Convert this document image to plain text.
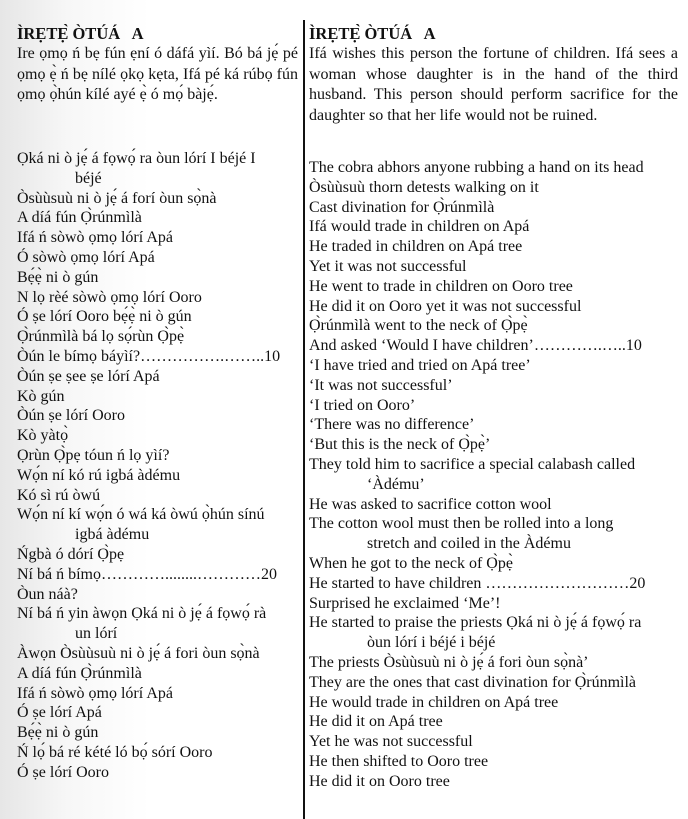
ÌRẸTẸ̀ ÒTÚÁ   A
Ire ọmọ ń bẹ fún ẹní ó dáfá yìí. Bó bá jẹ́ pé ọmọ ẹ̀ ń bẹ nílé ọkọ kẹta, Ifá pé ká rúbọ fún ọmọ ọ̀hún kílé ayé ẹ̀ ó mọ́ bàjẹ́.
Ọká ni ò jẹ́ á fọwọ́ ra òun lórí I béjé I
béjé
Òsùùsuù ni ò jẹ́ á forí òun sọ̀nà
A díá fún Ọ̀rúnmìlà
Ifá ń sòwò ọmọ lórí Apá
Ó sòwò ọmọ lórí Apá
Bẹ́ẹ̀ ni ò gún
N lọ rèé sòwò ọmọ lórí Ooro
Ó ṣe lórí Ooro bẹ́ẹ̀ ni ò gún
Ọ̀rúnmìlà bá lọ sọ́rùn Ọ̀pẹ̀
Òún le bímọ báyìí?…………….……..10
Òún ṣe ṣee ṣe lórí Apá
Kò gún
Òún ṣe lórí Ooro
Kò yàtọ̀
Ọrùn Ọ̀pẹ tóun ń lọ yìí?
Wọ́n ní kó rú igbá àdému
Kó sì rú òwú
Wọ́n ní kí wọ́n ó wá ká òwú ọ̀hún sínú
igbá àdému
Ńgbà ó dórí Ọ̀pẹ
Ní bá ń bímọ…………........…………20
Òun náà?
Ní bá ń yin àwọn Ọká ni ò jẹ́ á fọwọ́ rà
un lórí
Àwọn Òsùùsuù ni ò jẹ́ á fori òun sọ̀nà
A díá fún Ọ̀rúnmìlà
Ifá ń sòwò ọmọ lórí Apá
Ó ṣe lórí Apá
Bẹ́ẹ̀ ni ò gún
Ń lọ́ bá ré kété ló bọ́ sórí Ooro
Ó ṣe lórí Ooro
ÌRẸTẸ̀ ÒTÚÁ   A
Ifá wishes this person the fortune of children. Ifá sees a woman whose daughter is in the hand of the third husband. This person should perform sacrifice for the daughter so that her life would not be ruined.
The cobra abhors anyone rubbing a hand on its head
Òsùùsuù thorn detests walking on it
Cast divination for Ọ̀rúnmìlà
Ifá would trade in children on Apá
He traded in children on Apá tree
Yet it was not successful
He went to trade in children on Ooro tree
He did it on Ooro yet it was not successful
Ọ̀rúnmìlà went to the neck of Ọ̀pẹ̀
And asked ‘Would I have children’………….…..10
‘I have tried and tried on Apá tree’
‘It was not successful’
‘I tried on Ooro’
‘There was no difference’
‘But this is the neck of Ọ̀pẹ̀’
They told him to sacrifice a special calabash called
‘Àdému’
He was asked to sacrifice cotton wool
The cotton wool must then be rolled into a long
stretch and coiled in the Àdému
When he got to the neck of Ọ̀pẹ̀
He started to have children ………………………20
Surprised he exclaimed ‘Me’!
He started to praise the priests Ọká ni ò jẹ́ á fọwọ́ ra
òun lórí i béjé i béjé
The priests Òsùùsuù ni ò jẹ́ á fori òun sọ̀nà’
They are the ones that cast divination for Ọ̀rúnmìlà
He would trade in children on Apá tree
He did it on Apá tree
Yet he was not successful
He then shifted to Ooro tree
He did it on Ooro tree
